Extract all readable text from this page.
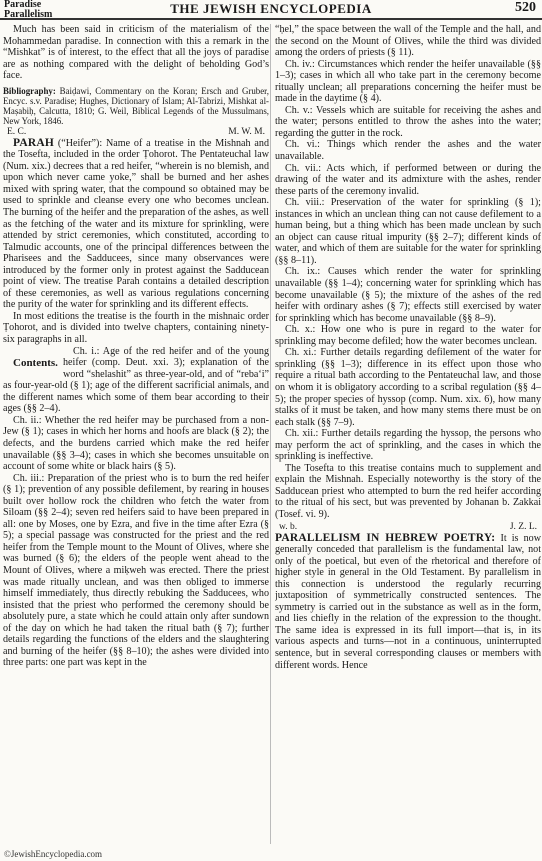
Paradise
Parallelism	THE JEWISH ENCYCLOPEDIA	520

Much has been said in criticism of the materialism of the Mohammedan paradise. In connection with this a remark in the “Mishkat” is of interest, to the effect that all the joys of paradise are as nothing compared with the delight of beholding God’s face.

Bibliography: Baiḍawi, Commentary on the Koran; Ersch and Gruber, Encyc. s.v. Paradise; Hughes, Dictionary of Islam; Al-Tabrizi, Mishkat al-Maṣabiḥ, Calcutta, 1810; G. Weil, Biblical Legends of the Mussulmans, New York, 1846.

E. C.	M. W. M.

PARAH (“Heifer”): Name of a treatise in the Mishnah and the Tosefta, included in the order Ṭohorot. The Pentateuchal law (Num. xix.) decrees that a red heifer, “wherein is no blemish, and upon which never came yoke,” shall be burned and her ashes mixed with spring water, that the compound so obtained may be used to sprinkle and cleanse every one who becomes unclean. The burning of the heifer and the preparation of the ashes, as well as the fetching of the water and its mixture for sprinkling, were attended by strict ceremonies, which constituted, according to Talmudic accounts, one of the principal differences between the Pharisees and the Sadducees, since many observances were introduced by the former only in protest against the Sadducean point of view. The treatise Parah contains a detailed description of these ceremonies, as well as various regulations concerning the purity of the water for sprinkling and its different effects.

In most editions the treatise is the fourth in the mishnaic order Ṭohorot, and is divided into twelve chapters, containing ninety-six paragraphs in all.

Contents.
Ch. i.: Age of the red heifer and of the young heifer (comp. Deut. xxi. 3); explanation of the word “shelashit” as three-year-old, and of “reba‘i” as four-year-old (§ 1); age of the different sacrificial animals, and the different names which some of them bear according to their ages (§§ 2–4).

Ch. ii.: Whether the red heifer may be purchased from a non-Jew (§ 1); cases in which her horns and hoofs are black (§ 2); the defects, and the burdens carried which make the red heifer unavailable (§§ 3–4); cases in which she becomes unsuitable on account of some white or black hairs (§ 5).

Ch. iii.: Preparation of the priest who is to burn the red heifer (§ 1); prevention of any possible defilement, by rearing in houses built over hollow rock the children who fetch the water from Siloam (§§ 2–4); seven red heifers said to have been prepared in all: one by Moses, one by Ezra, and five in the time after Ezra (§ 5); a special passage was constructed for the priest and the red heifer from the Temple mount to the Mount of Olives, where she was burned (§ 6); the elders of the people went ahead to the Mount of Olives, where a miḳweh was erected. There the priest was made ritually unclean, and was then obliged to immerse himself immediately, thus directly rebuking the Sadducees, who insisted that the priest who performed the ceremony should be absolutely pure, a state which he could attain only after sundown of the day on which he had taken the ritual bath (§ 7); further details regarding the functions of the elders and the slaughtering and burning of the heifer (§§ 8–10); the ashes were divided into three parts: one part was kept in the

“ḥel,” the space between the wall of the Temple and the hall, and the second on the Mount of Olives, while the third was divided among the orders of priests (§ 11).

Ch. iv.: Circumstances which render the heifer unavailable (§§ 1–3); cases in which all who take part in the ceremony become ritually unclean; all preparations concerning the heifer must be made in the daytime (§ 4).

Ch. v.: Vessels which are suitable for receiving the ashes and the water; persons entitled to throw the ashes into the water; regarding the gutter in the rock.

Ch. vi.: Things which render the ashes and the water unavailable.

Ch. vii.: Acts which, if performed between or during the drawing of the water and its admixture with the ashes, render these parts of the ceremony invalid.

Ch. viii.: Preservation of the water for sprinkling (§ 1); instances in which an unclean thing can not cause defilement to a human being, but a thing which has been made unclean by such an object can cause ritual impurity (§§ 2–7); different kinds of water, and which of them are suitable for the water for sprinkling (§§ 8–11).

Ch. ix.: Causes which render the water for sprinkling unavailable (§§ 1–4); concerning water for sprinkling which has become unavailable (§ 5); the mixture of the ashes of the red heifer with ordinary ashes (§ 7); effects still exercised by water for sprinkling which has become unavailable (§§ 8–9).

Ch. x.: How one who is pure in regard to the water for sprinkling may become defiled; how the water becomes unclean.

Ch. xi.: Further details regarding defilement of the water for sprinkling (§§ 1–3); difference in its effect upon those who require a ritual bath according to the Pentateuchal law, and those on whom it is obligatory according to a scribal regulation (§§ 4–5); the proper species of hyssop (comp. Num. xix. 6), how many stalks of it must be taken, and how many stems there must be on each stalk (§§ 7–9).

Ch. xii.: Further details regarding the hyssop, the persons who may perform the act of sprinkling, and the cases in which the sprinkling is ineffective.

The Tosefta to this treatise contains much to supplement and explain the Mishnah. Especially noteworthy is the story of the Sadducean priest who attempted to burn the red heifer according to the ritual of his sect, but was prevented by Johanan b. Zakkai (Tosef. vi. 9).

w. b.	J. Z. L.

PARALLELISM IN HEBREW POETRY: It is now generally conceded that parallelism is the fundamental law, not only of the poetical, but even of the rhetorical and therefore of higher style in general in the Old Testament. By parallelism in this connection is understood the regularly recurring juxtaposition of symmetrically constructed sentences. The symmetry is carried out in the substance as well as in the form, and lies chiefly in the relation of the expression to the thought. The same idea is expressed in its full import—that is, in its various aspects and turns—not in a continuous, uninterrupted sentence, but in several corresponding clauses or members with different words. Hence

©JewishEncyclopedia.com
